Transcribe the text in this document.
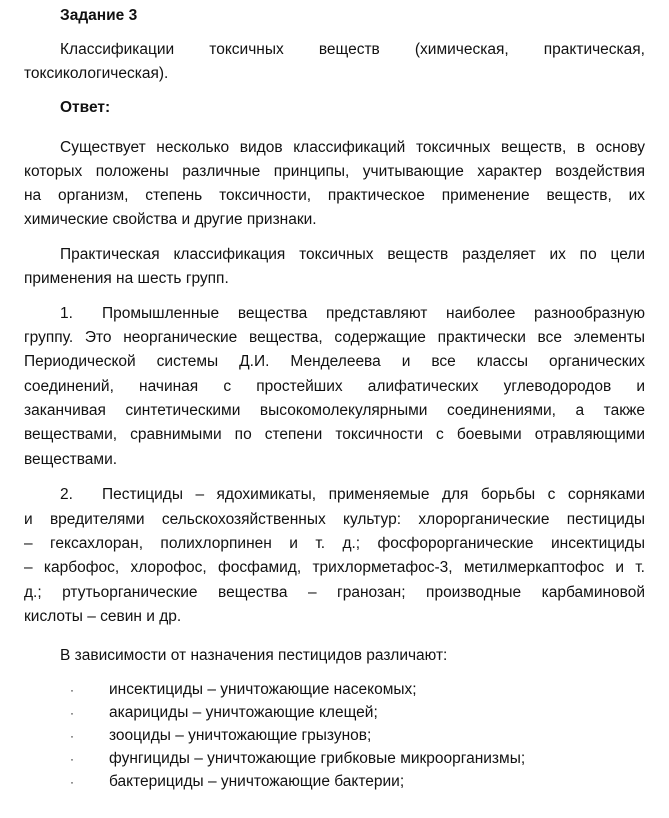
Задание 3
Классификации токсичных веществ (химическая, практическая,
токсикологическая).
Ответ:
Существует несколько видов классификаций токсичных веществ, в основу
которых положены различные принципы, учитывающие характер воздействия
на организм, степень токсичности, практическое применение веществ, их
химические свойства и другие признаки.
Практическая классификация токсичных веществ разделяет их по цели
применения на шесть групп.
1. Промышленные вещества представляют наиболее разнообразную
группу. Это неорганические вещества, содержащие практически все элементы
Периодической системы Д.И. Менделеева и все классы органических
соединений, начиная с простейших алифатических углеводородов и
заканчивая синтетическими высокомолекулярными соединениями, а также
веществами, сравнимыми по степени токсичности с боевыми отравляющими
веществами.
2. Пестициды – ядохимикаты, применяемые для борьбы с сорняками
и вредителями сельскохозяйственных культур: хлорорганические пестициды
– гексахлоран, полихлорпинен и т. д.; фосфорорганические инсектициды
– карбофос, хлорофос, фосфамид, трихлорметафос-3, метилмеркаптофос и т.
д.; ртутьорганические вещества – гранозан; производные карбаминовой
кислоты – севин и др.
В зависимости от назначения пестицидов различают:
· инсектициды – уничтожающие насекомых;
· акарициды – уничтожающие клещей;
· зооциды – уничтожающие грызунов;
· фунгициды – уничтожающие грибковые микроорганизмы;
· бактерициды – уничтожающие бактерии;
